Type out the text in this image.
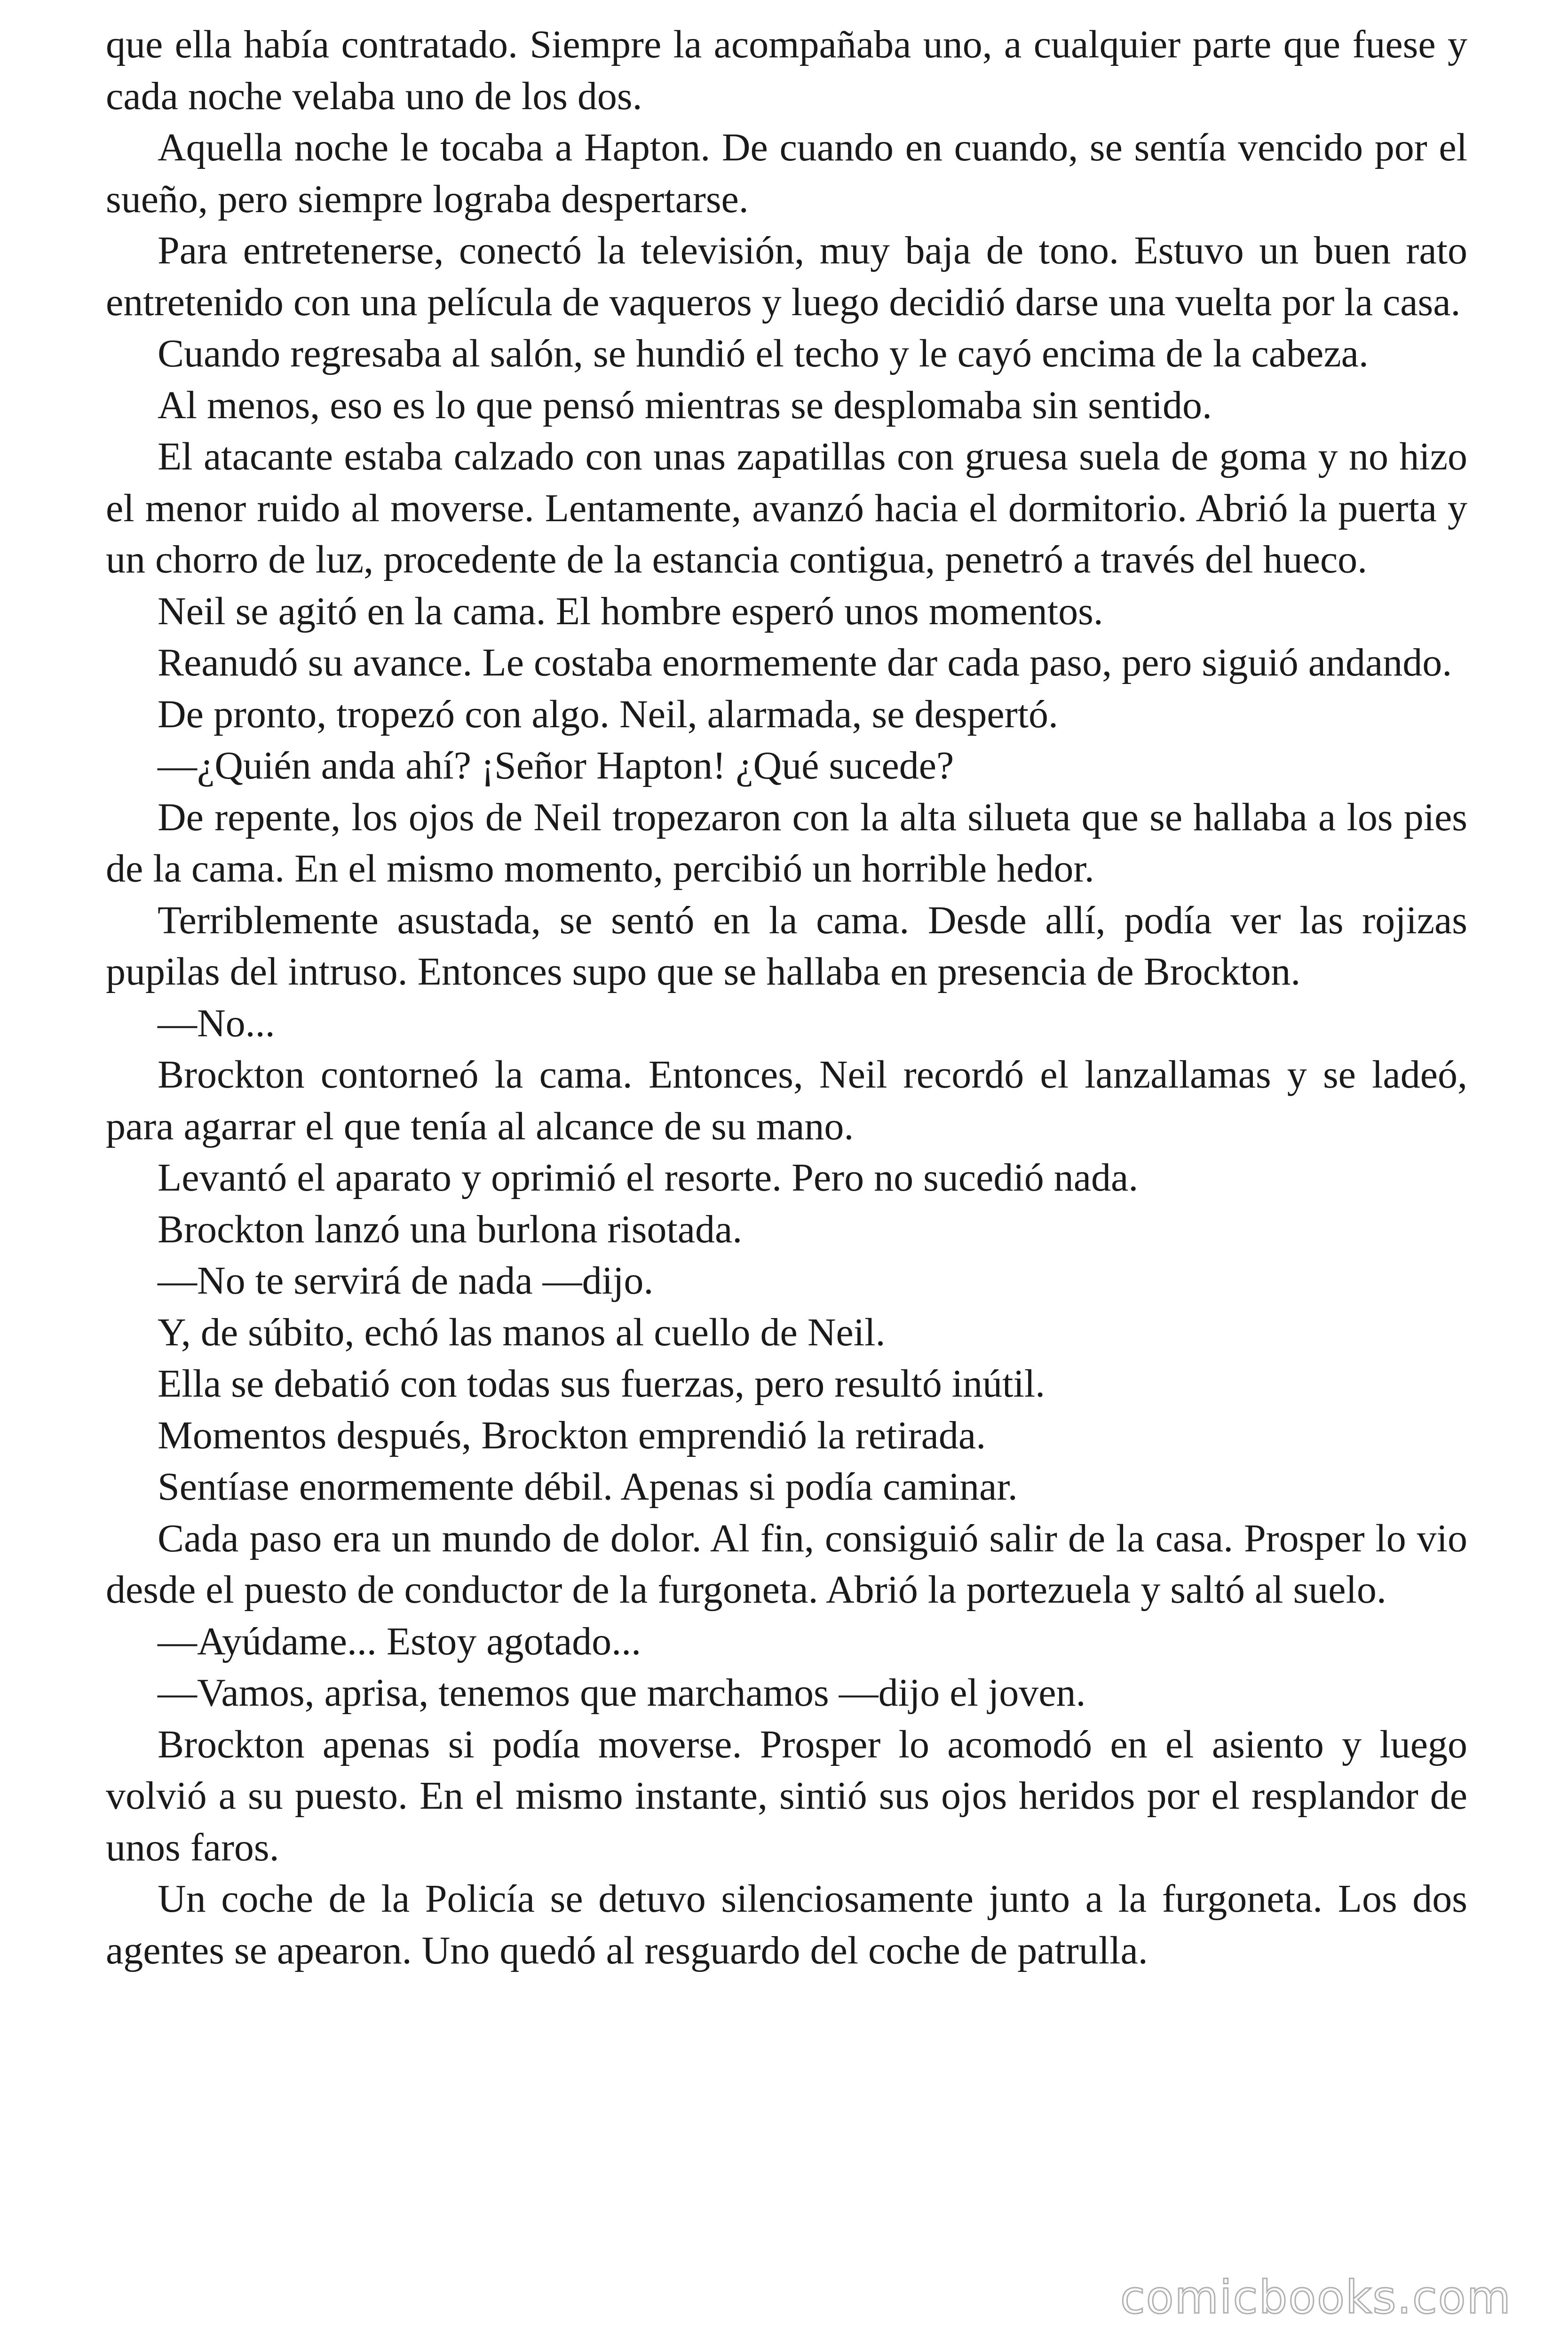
que ella había contratado. Siempre la acompañaba uno, a cualquier parte que fuese y cada noche velaba uno de los dos.

Aquella noche le tocaba a Hapton. De cuando en cuando, se sentía vencido por el sueño, pero siempre lograba despertarse.

Para entretenerse, conectó la televisión, muy baja de tono. Estuvo un buen rato entretenido con una película de vaqueros y luego decidió darse una vuelta por la casa.

Cuando regresaba al salón, se hundió el techo y le cayó encima de la cabeza.

Al menos, eso es lo que pensó mientras se desplomaba sin sentido.

El atacante estaba calzado con unas zapatillas con gruesa suela de goma y no hizo el menor ruido al moverse. Lentamente, avanzó hacia el dormitorio. Abrió la puerta y un chorro de luz, procedente de la estancia contigua, penetró a través del hueco.

Neil se agitó en la cama. El hombre esperó unos momentos.

Reanudó su avance. Le costaba enormemente dar cada paso, pero siguió andando.

De pronto, tropezó con algo. Neil, alarmada, se despertó.

—¿Quién anda ahí? ¡Señor Hapton! ¿Qué sucede?

De repente, los ojos de Neil tropezaron con la alta silueta que se hallaba a los pies de la cama. En el mismo momento, percibió un horrible hedor.

Terriblemente asustada, se sentó en la cama. Desde allí, podía ver las rojizas pupilas del intruso. Entonces supo que se hallaba en presencia de Brockton.

—No...

Brockton contorneó la cama. Entonces, Neil recordó el lanzallamas y se ladeó, para agarrar el que tenía al alcance de su mano.

Levantó el aparato y oprimió el resorte. Pero no sucedió nada.

Brockton lanzó una burlona risotada.

—No te servirá de nada —dijo.

Y, de súbito, echó las manos al cuello de Neil.

Ella se debatió con todas sus fuerzas, pero resultó inútil.

Momentos después, Brockton emprendió la retirada.

Sentíase enormemente débil. Apenas si podía caminar.

Cada paso era un mundo de dolor. Al fin, consiguió salir de la casa. Prosper lo vio desde el puesto de conductor de la furgoneta. Abrió la portezuela y saltó al suelo.

—Ayúdame... Estoy agotado...

—Vamos, aprisa, tenemos que marchamos —dijo el joven.

Brockton apenas si podía moverse. Prosper lo acomodó en el asiento y luego volvió a su puesto. En el mismo instante, sintió sus ojos heridos por el resplandor de unos faros.

Un coche de la Policía se detuvo silenciosamente junto a la furgoneta. Los dos agentes se apearon. Uno quedó al resguardo del coche de patrulla.

comicbooks.com
